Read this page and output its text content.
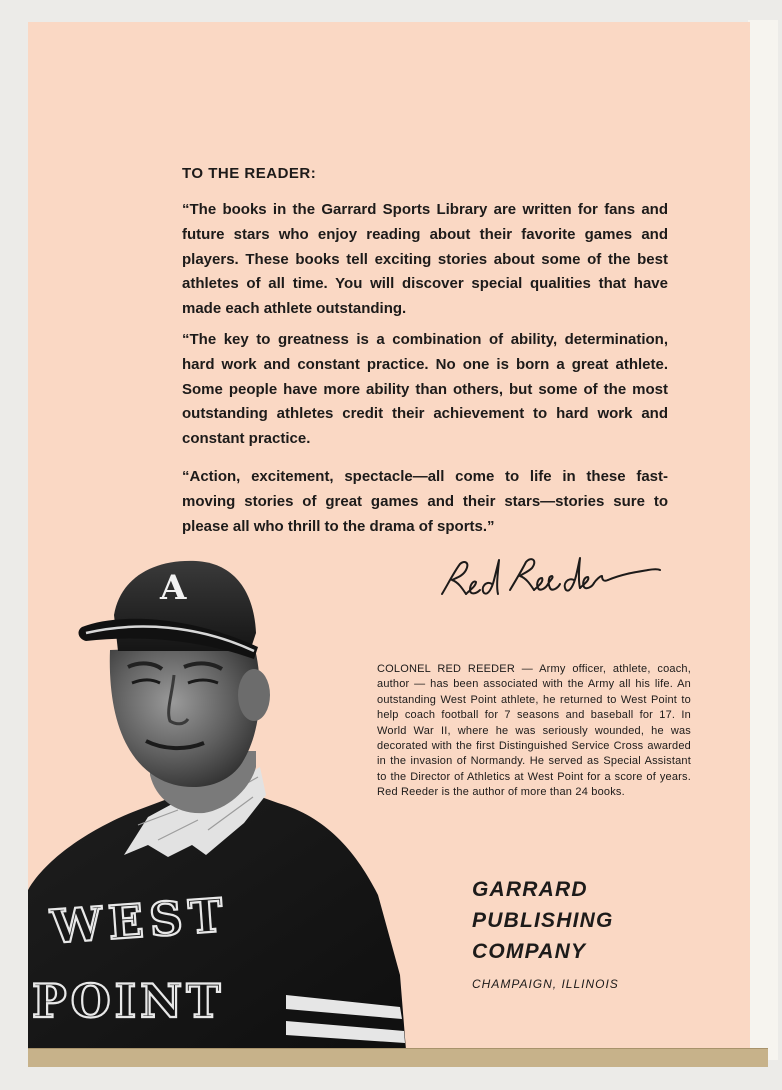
TO THE READER:

“The books in the Garrard Sports Library are written for fans and future stars who enjoy reading about their favorite games and players. These books tell exciting stories about some of the best athletes of all time. You will discover special qualities that have made each athlete outstanding.

“The key to greatness is a combination of ability, determination, hard work and constant practice. No one is born a great athlete. Some people have more ability than others, but some of the most outstanding athletes credit their achievement to hard work and constant practice.

“Action, excitement, spectacle—all come to life in these fast-moving stories of great games and their stars—stories sure to please all who thrill to the drama of sports.”

COLONEL RED REEDER — Army officer, athlete, coach, author — has been associated with the Army all his life. An outstanding West Point athlete, he returned to West Point to help coach football for 7 seasons and baseball for 17. In World War II, where he was seriously wounded, he was decorated with the first Distinguished Service Cross awarded in the invasion of Normandy. He served as Special Assistant to the Director of Athletics at West Point for a score of years. Red Reeder is the author of more than 24 books.

A
WEST
POINT
GARRARD
PUBLISHING
COMPANY
CHAMPAIGN, ILLINOIS
